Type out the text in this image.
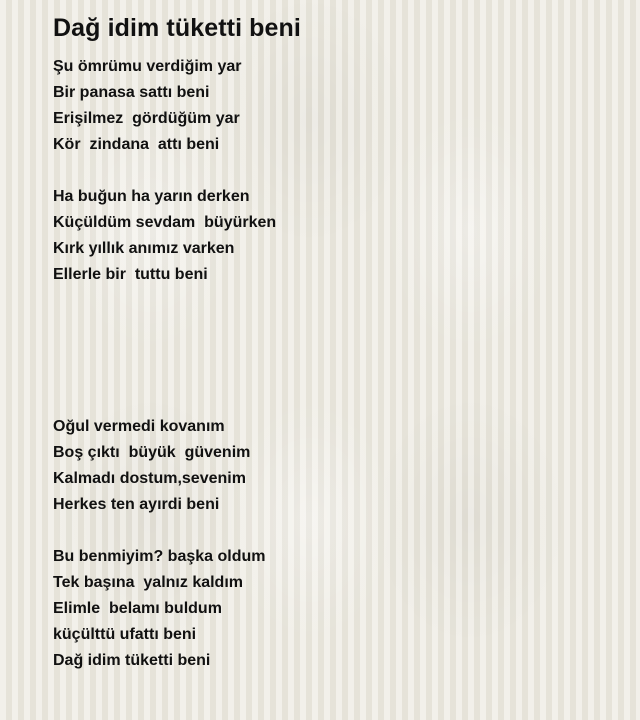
Dağ idim tüketti beni
Şu ömrümu verdiğim yar
Bir panasa sattı beni
Erişilmez  gördüğüm yar
Kör  zindana  attı beni
Ha buğun ha yarın derken
Küçüldüm sevdam  büyürken
Kırk yıllık anımız varken
Ellerle bir  tuttu beni
Oğul vermedi kovanım
Boş çıktı  büyük  güvenim
Kalmadı dostum,sevenim
Herkes ten ayırdi beni
Bu benmiyim? başka oldum
Tek başına  yalnız kaldım
Elimle  belamı buldum
küçülttü ufattı beni
Dağ idim tüketti beni
